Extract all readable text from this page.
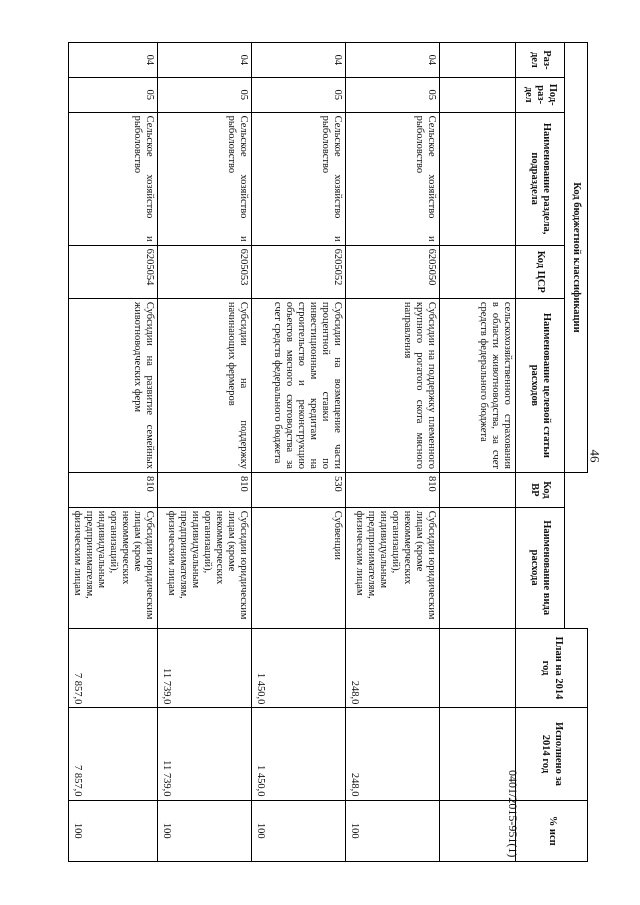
46
Код бюджетной классификации							План на 2014 год	Исполнено за 2014 год	% исп
Раз-дел	Под-раз-дел	Наименование раздела, подраздела	Код ЦСР	Наименование целевой статьи расходов	Код ВР	Наименование вида расхода			
				сельскохозяйственного страхования в области животноводства, за счет средств федерального бюджета					
04	05	Сельское хозяйство и рыболовство	6205050	Субсидии на поддержку племенного крупного рогатого скота мясного направления	810	Субсидии юридическим лицам (кроме некоммерческих организаций), индивидуальным предпринимателям, физическим лицам	248,0	248,0	100
04	05	Сельское хозяйство и рыболовство	6205052	Субсидии на возмещение части процентной ставки по инвестиционным кредитам на строительство и реконструкцию объектов мясного скотоводства за счет средств федерального бюджета	530	Субвенции	1 450,0	1 450,0	100
04	05	Сельское хозяйство и рыболовство	6205053	Субсидии на поддержку начинающих фермеров	810	Субсидии юридическим лицам (кроме некоммерческих организаций), индивидуальным предпринимателям, физическим лицам	11 739,0	11 739,0	100
04	05	Сельское хозяйство и рыболовство	6205054	Субсидии на развитие семейных животноводческих ферм	810	Субсидии юридическим лицам (кроме некоммерческих организаций), индивидуальным предпринимателям, физическим лицам	7 857,0	7 857,0	100	0401/2015-951(1)
